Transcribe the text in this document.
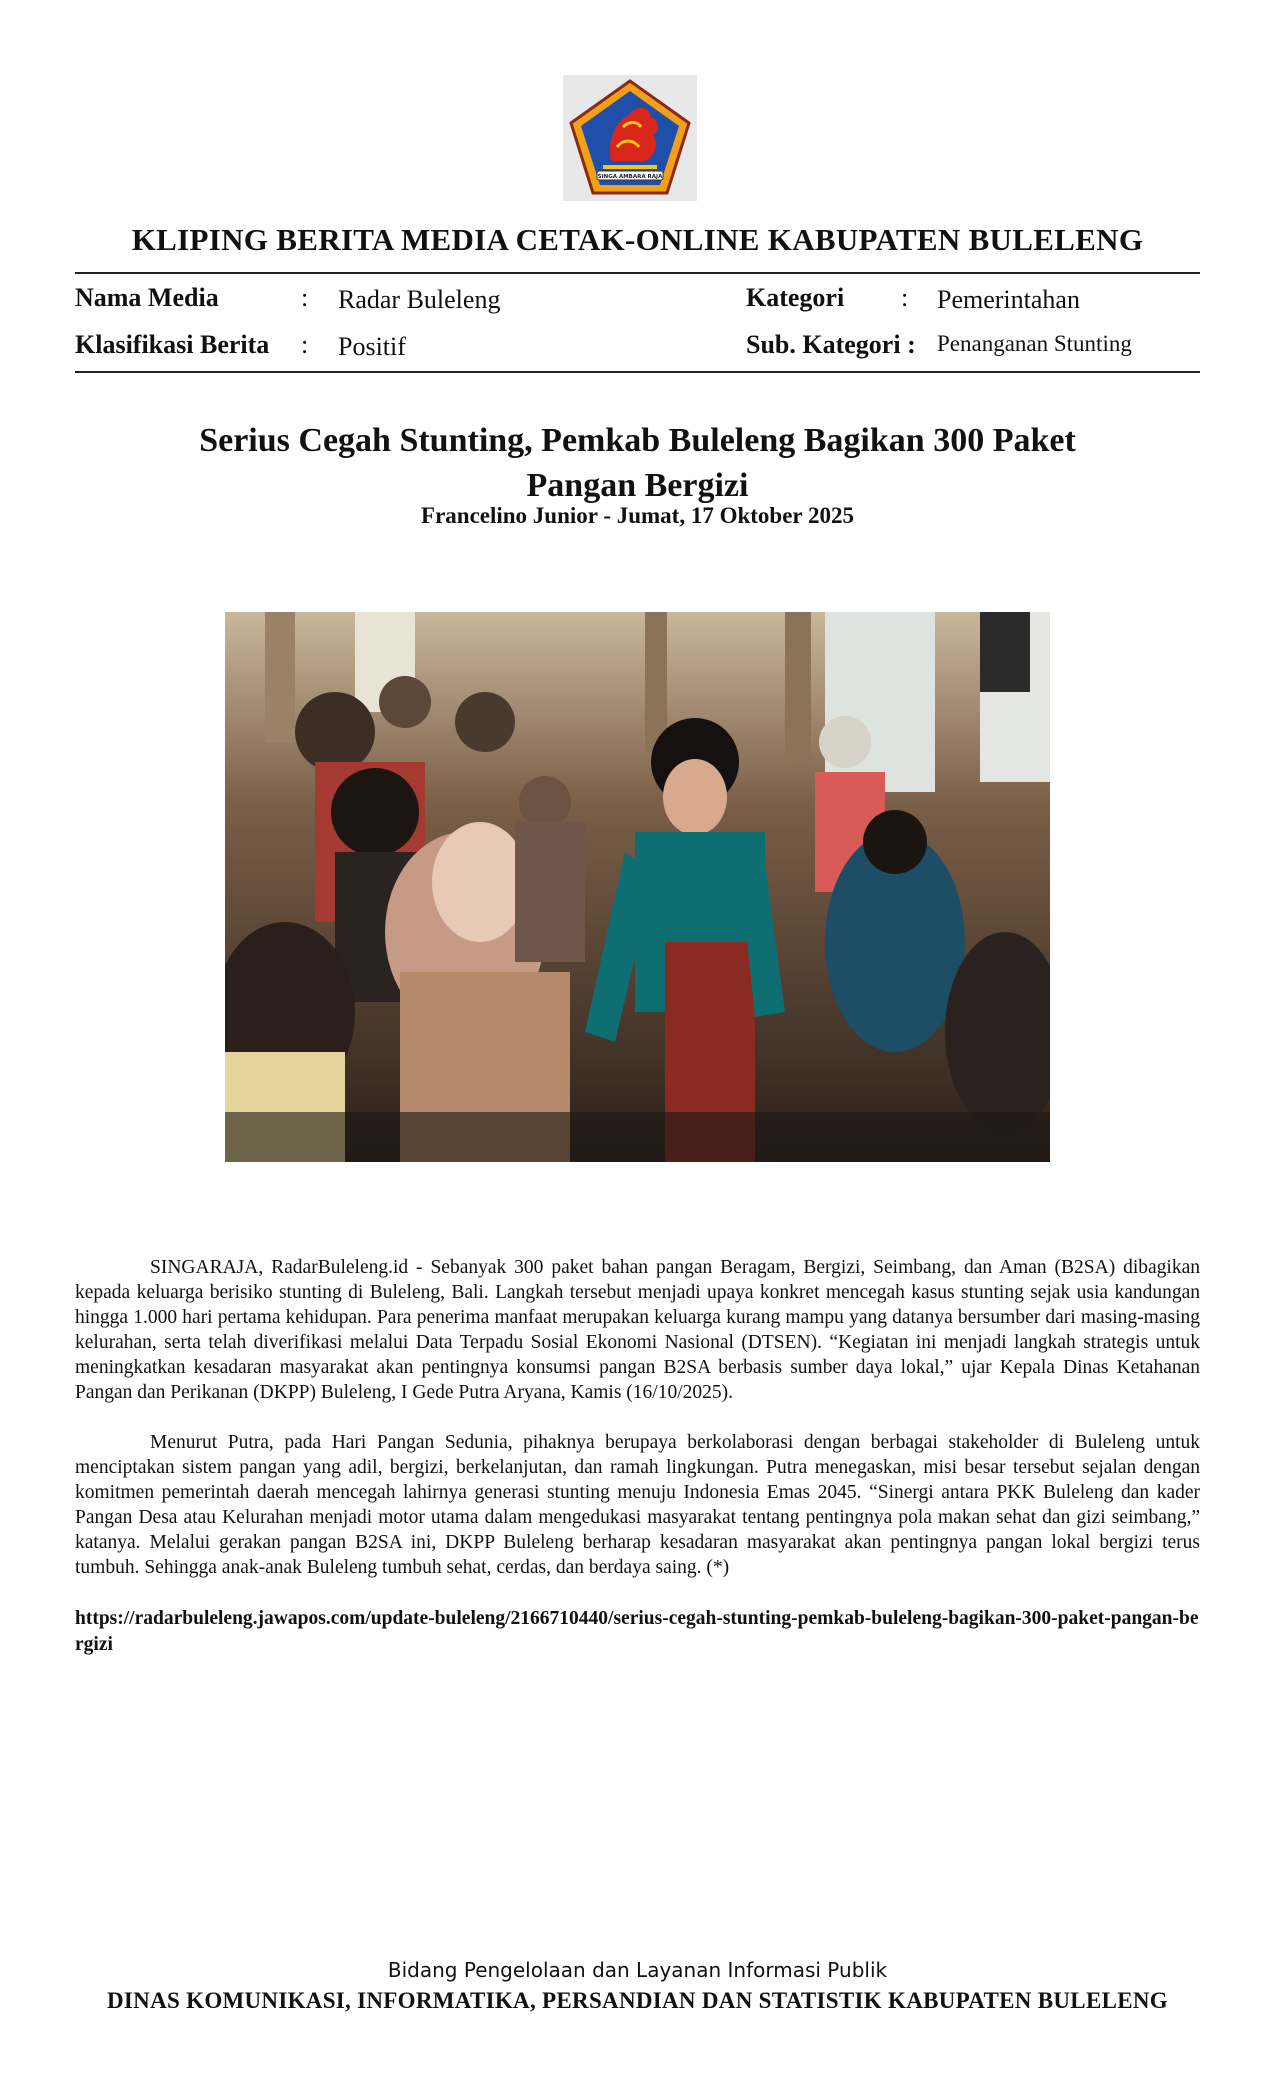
SINGA AMBARA RAJA
KLIPING BERITA MEDIA CETAK-ONLINE KABUPATEN BULELENG
Nama Media	: Radar Buleleng
Klasifikasi Berita : Positif
Kategori : Pemerintahan
Sub. Kategori : Penanganan Stunting
Serius Cegah Stunting, Pemkab Buleleng Bagikan 300 Paket
Pangan Bergizi
Francelino Junior - Jumat, 17 Oktober 2025
SINGARAJA, RadarBuleleng.id - Sebanyak 300 paket bahan pangan Beragam, Bergizi, Seimbang, dan Aman (B2SA) dibagikan kepada keluarga berisiko stunting di Buleleng, Bali. Langkah tersebut menjadi upaya konkret mencegah kasus stunting sejak usia kandungan hingga 1.000 hari pertama kehidupan. Para penerima manfaat merupakan keluarga kurang mampu yang datanya bersumber dari masing-masing kelurahan, serta telah diverifikasi melalui Data Terpadu Sosial Ekonomi Nasional (DTSEN). “Kegiatan ini menjadi langkah strategis untuk meningkatkan kesadaran masyarakat akan pentingnya konsumsi pangan B2SA berbasis sumber daya lokal,” ujar Kepala Dinas Ketahanan Pangan dan Perikanan (DKPP) Buleleng, I Gede Putra Aryana, Kamis (16/10/2025).
Menurut Putra, pada Hari Pangan Sedunia, pihaknya berupaya berkolaborasi dengan berbagai stakeholder di Buleleng untuk menciptakan sistem pangan yang adil, bergizi, berkelanjutan, dan ramah lingkungan. Putra menegaskan, misi besar tersebut sejalan dengan komitmen pemerintah daerah mencegah lahirnya generasi stunting menuju Indonesia Emas 2045. “Sinergi antara PKK Buleleng dan kader Pangan Desa atau Kelurahan menjadi motor utama dalam mengedukasi masyarakat tentang pentingnya pola makan sehat dan gizi seimbang,” katanya. Melalui gerakan pangan B2SA ini, DKPP Buleleng berharap kesadaran masyarakat akan pentingnya pangan lokal bergizi terus tumbuh. Sehingga anak-anak Buleleng tumbuh sehat, cerdas, dan berdaya saing. (*)
https://radarbuleleng.jawapos.com/update-buleleng/2166710440/serius-cegah-stunting-pemkab-buleleng-bagikan-300-paket-pangan-bergizi
Bidang Pengelolaan dan Layanan Informasi Publik
DINAS KOMUNIKASI, INFORMATIKA, PERSANDIAN DAN STATISTIK KABUPATEN BULELENG
